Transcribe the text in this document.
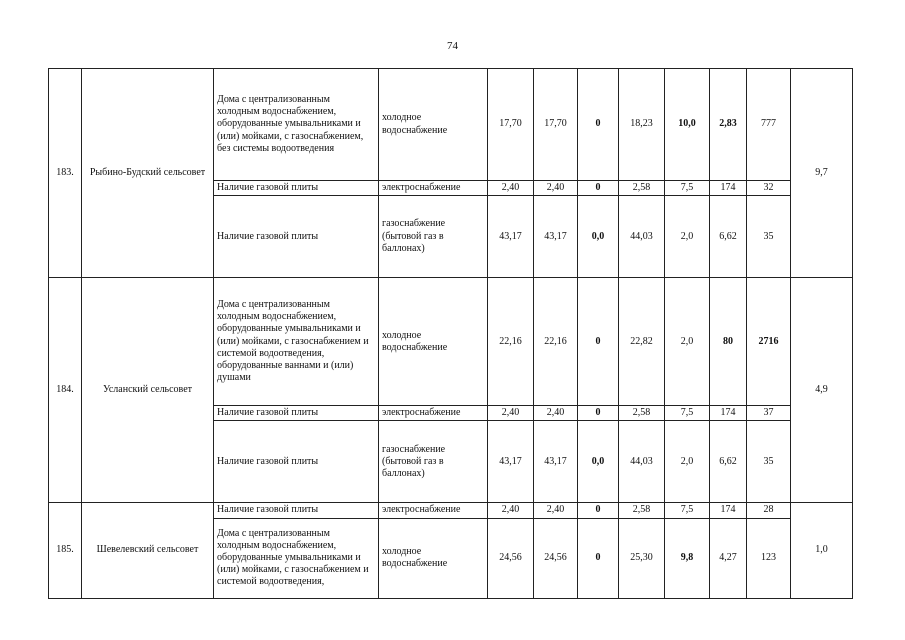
74
183.	Рыбино-Будский сельсовет	Дома с централизованным холодным водоснабжением, оборудованные умывальниками и (или) мойками, с газоснабжением, без системы водоотведения	холодное водоснабжение	17,70	17,70	0	18,23	10,0	2,83	777	9,7
		Наличие газовой плиты	электроснабжение	2,40	2,40	0	2,58	7,5	174	32	
		Наличие газовой плиты	газоснабжение (бытовой газ в баллонах)	43,17	43,17	0,0	44,03	2,0	6,62	35	
184.	Усланский сельсовет	Дома с централизованным холодным водоснабжением, оборудованные умывальниками и (или) мойками, с газоснабжением и системой водоотведения, оборудованные ваннами и (или) душами	холодное водоснабжение	22,16	22,16	0	22,82	2,0	80	2716	4,9
		Наличие газовой плиты	электроснабжение	2,40	2,40	0	2,58	7,5	174	37	
		Наличие газовой плиты	газоснабжение (бытовой газ в баллонах)	43,17	43,17	0,0	44,03	2,0	6,62	35	
185.	Шевелевский сельсовет	Наличие газовой плиты	электроснабжение	2,40	2,40	0	2,58	7,5	174	28	1,0
		Дома с централизованным холодным водоснабжением, оборудованные умывальниками и (или) мойками, с газоснабжением и системой водоотведения,	холодное водоснабжение	24,56	24,56	0	25,30	9,8	4,27	123	
